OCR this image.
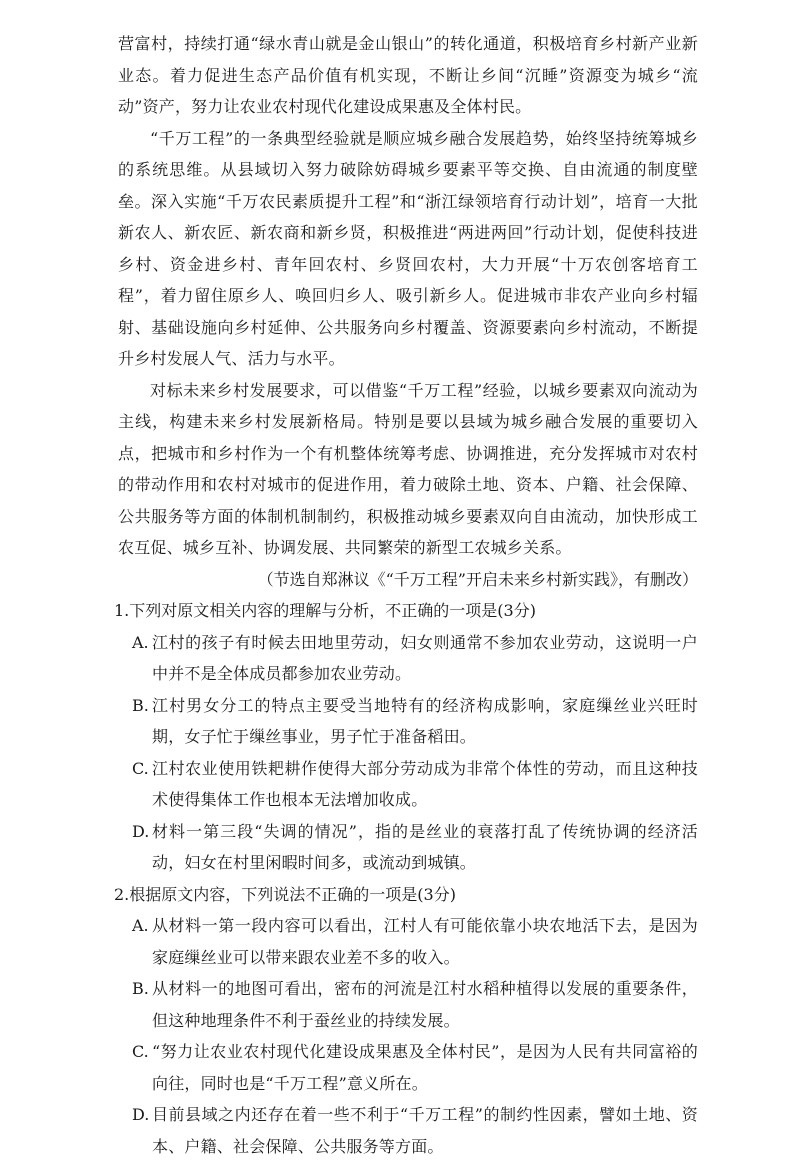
营富村，持续打通“绿水青山就是金山银山”的转化通道，积极培育乡村新产业新业态。着力促进生态产品价值有机实现，不断让乡间“沉睡”资源变为城乡“流动”资产，努力让农业农村现代化建设成果惠及全体村民。

“千万工程”的一条典型经验就是顺应城乡融合发展趋势，始终坚持统筹城乡的系统思维。从县域切入努力破除妨碍城乡要素平等交换、自由流通的制度壁垒。深入实施“千万农民素质提升工程”和“浙江绿领培育行动计划”，培育一大批新农人、新农匠、新农商和新乡贤，积极推进“两进两回”行动计划，促使科技进乡村、资金进乡村、青年回农村、乡贤回农村，大力开展“十万农创客培育工程”，着力留住原乡人、唤回归乡人、吸引新乡人。促进城市非农产业向乡村辐射、基础设施向乡村延伸、公共服务向乡村覆盖、资源要素向乡村流动，不断提升乡村发展人气、活力与水平。

对标未来乡村发展要求，可以借鉴“千万工程”经验，以城乡要素双向流动为主线，构建未来乡村发展新格局。特别是要以县域为城乡融合发展的重要切入点，把城市和乡村作为一个有机整体统筹考虑、协调推进，充分发挥城市对农村的带动作用和农村对城市的促进作用，着力破除土地、资本、户籍、社会保障、公共服务等方面的体制机制制约，积极推动城乡要素双向自由流动，加快形成工农互促、城乡互补、协调发展、共同繁荣的新型工农城乡关系。

（节选自郑淋议《“千万工程”开启未来乡村新实践》，有删改）

1.下列对原文相关内容的理解与分析，不正确的一项是(3分)

A. 江村的孩子有时候去田地里劳动，妇女则通常不参加农业劳动，这说明一户中并不是全体成员都参加农业劳动。
B. 江村男女分工的特点主要受当地特有的经济构成影响，家庭缫丝业兴旺时期，女子忙于缫丝事业，男子忙于准备稻田。
C. 江村农业使用铁耙耕作使得大部分劳动成为非常个体性的劳动，而且这种技术使得集体工作也根本无法增加收成。
D. 材料一第三段“失调的情况”，指的是丝业的衰落打乱了传统协调的经济活动，妇女在村里闲暇时间多，或流动到城镇。

2.根据原文内容，下列说法不正确的一项是(3分)

A. 从材料一第一段内容可以看出，江村人有可能依靠小块农地活下去，是因为家庭缫丝业可以带来跟农业差不多的收入。
B. 从材料一的地图可看出，密布的河流是江村水稻种植得以发展的重要条件，但这种地理条件不利于蚕丝业的持续发展。
C. “努力让农业农村现代化建设成果惠及全体村民”，是因为人民有共同富裕的向往，同时也是“千万工程”意义所在。
D. 目前县域之内还存在着一些不利于“千万工程”的制约性因素，譬如土地、资本、户籍、社会保障、公共服务等方面。
